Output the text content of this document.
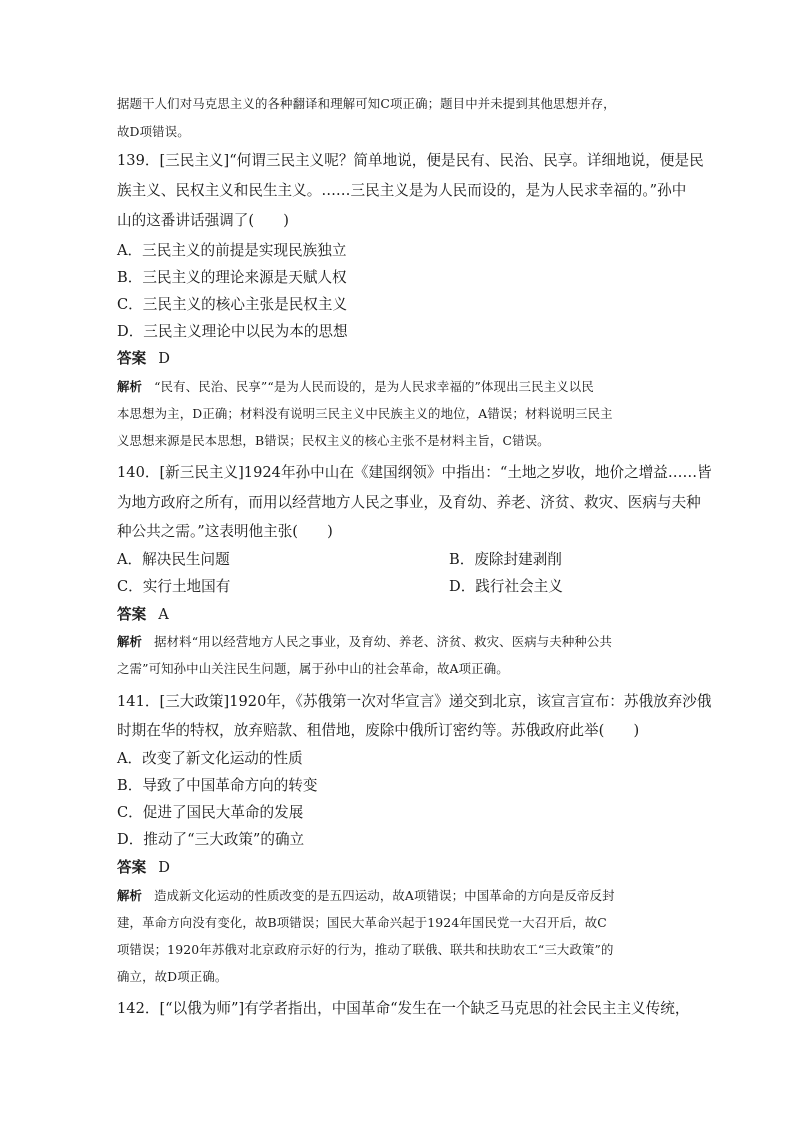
据题干人们对马克思主义的各种翻译和理解可知C项正确；题目中并未提到其他思想并存，
故D项错误。
139．[三民主义]“何谓三民主义呢？简单地说，便是民有、民治、民享。详细地说，便是民
族主义、民权主义和民生主义。……三民主义是为人民而设的，是为人民求幸福的。”孙中
山的这番讲话强调了(　　)
A．三民主义的前提是实现民族独立
B．三民主义的理论来源是天赋人权
C．三民主义的核心主张是民权主义
D．三民主义理论中以民为本的思想
答案 D
解析 “民有、民治、民享”“是为人民而设的，是为人民求幸福的”体现出三民主义以民
本思想为主，D正确；材料没有说明三民主义中民族主义的地位，A错误；材料说明三民主
义思想来源是民本思想，B错误；民权主义的核心主张不是材料主旨，C错误。
140．[新三民主义]1924年孙中山在《建国纲领》中指出：“土地之岁收，地价之增益……皆
为地方政府之所有，而用以经营地方人民之事业，及育幼、养老、济贫、救灾、医病与夫种
种公共之需。”这表明他主张(　　)
A．解决民生问题	B．废除封建剥削
C．实行土地国有	D．践行社会主义
答案 A
解析 据材料“用以经营地方人民之事业，及育幼、养老、济贫、救灾、医病与夫种种公共
之需”可知孙中山关注民生问题，属于孙中山的社会革命，故A项正确。
141．[三大政策]1920年，《苏俄第一次对华宣言》递交到北京，该宣言宣布：苏俄放弃沙俄
时期在华的特权，放弃赔款、租借地，废除中俄所订密约等。苏俄政府此举(　　)
A．改变了新文化运动的性质
B．导致了中国革命方向的转变
C．促进了国民大革命的发展
D．推动了“三大政策”的确立
答案 D
解析 造成新文化运动的性质改变的是五四运动，故A项错误；中国革命的方向是反帝反封
建，革命方向没有变化，故B项错误；国民大革命兴起于1924年国民党一大召开后，故C
项错误；1920年苏俄对北京政府示好的行为，推动了联俄、联共和扶助农工“三大政策”的
确立，故D项正确。
142．[“以俄为师”]有学者指出，中国革命“发生在一个缺乏马克思的社会民主主义传统，
